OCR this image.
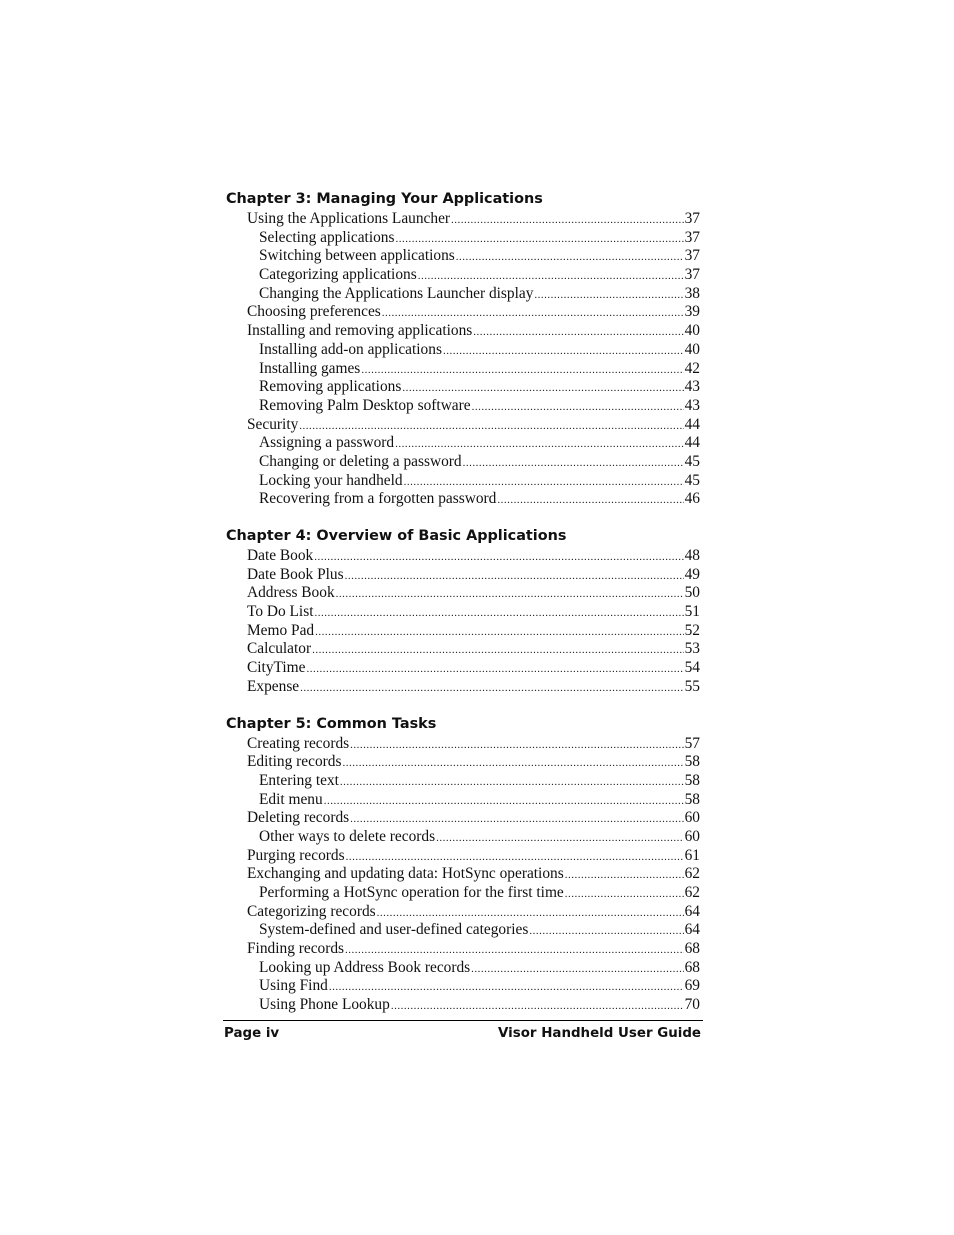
Chapter 3: Managing Your Applications
Using the Applications Launcher .....	37
Selecting applications .....	37
Switching between applications .....	37
Categorizing applications .....	37
Changing the Applications Launcher display .....	38
Choosing preferences .....	39
Installing and removing applications .....	40
Installing add-on applications .....	40
Installing games .....	42
Removing applications .....	43
Removing Palm Desktop software .....	43
Security .....	44
Assigning a password .....	44
Changing or deleting a password .....	45
Locking your handheld .....	45
Recovering from a forgotten password .....	46
Chapter 4: Overview of Basic Applications
Date Book .....	48
Date Book Plus .....	49
Address Book .....	50
To Do List .....	51
Memo Pad .....	52
Calculator .....	53
CityTime .....	54
Expense .....	55
Chapter 5: Common Tasks
Creating records .....	57
Editing records .....	58
Entering text .....	58
Edit menu .....	58
Deleting records .....	60
Other ways to delete records .....	60
Purging records .....	61
Exchanging and updating data: HotSync operations .....	62
Performing a HotSync operation for the first time .....	62
Categorizing records .....	64
System-defined and user-defined categories .....	64
Finding records .....	68
Looking up Address Book records .....	68
Using Find .....	69
Using Phone Lookup .....	70
Page iv	Visor Handheld User Guide
